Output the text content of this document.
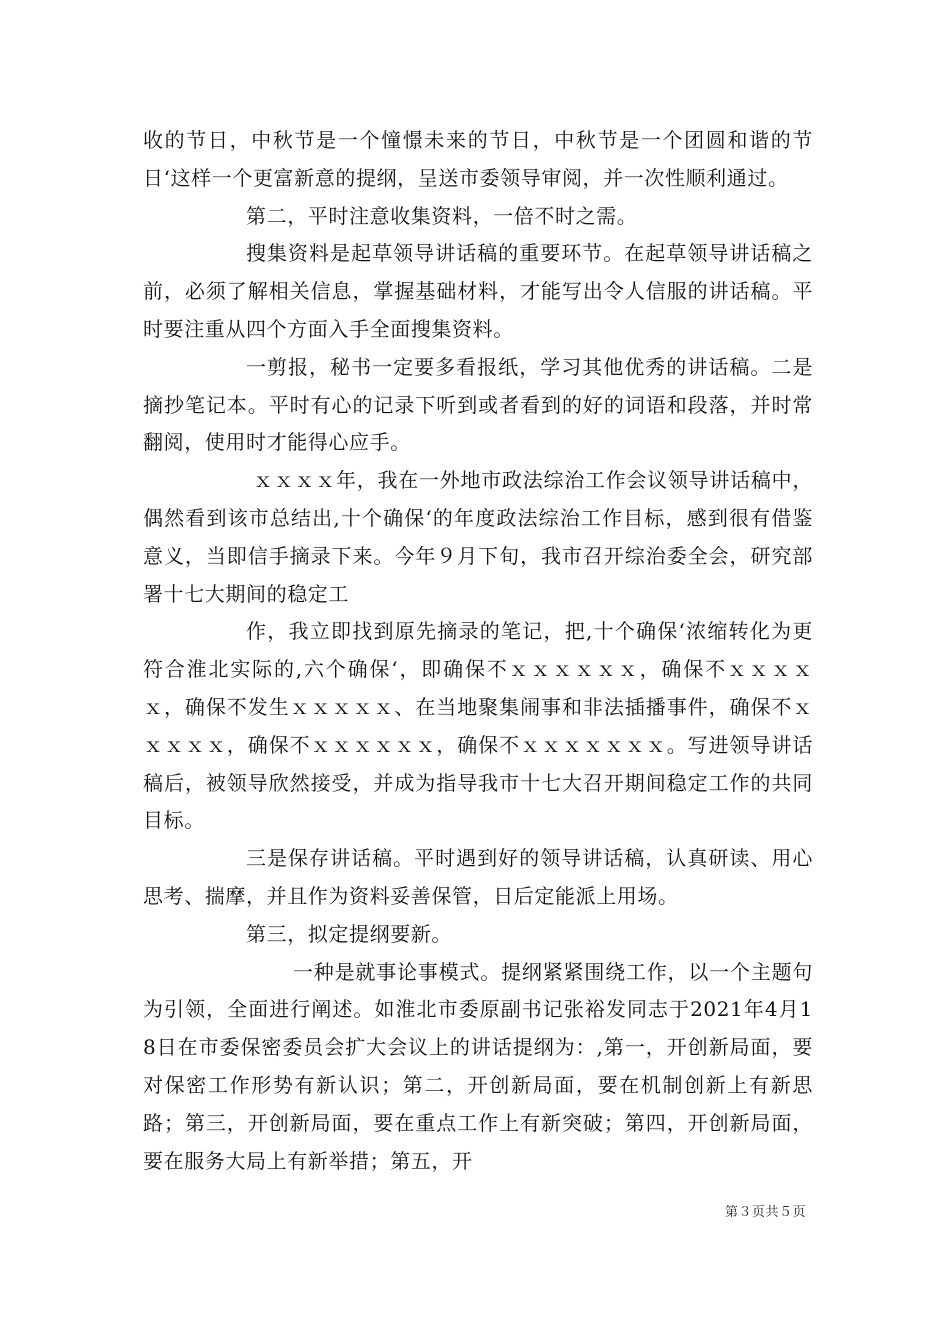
收的节日，中秋节是一个憧憬未来的节日，中秋节是一个团圆和谐的节日‘这样一个更富新意的提纲，呈送市委领导审阅，并一次性顺利通过。

第二，平时注意收集资料，一倍不时之需。

搜集资料是起草领导讲话稿的重要环节。在起草领导讲话稿之前，必须了解相关信息，掌握基础材料，才能写出令人信服的讲话稿。平时要注重从四个方面入手全面搜集资料。

一剪报，秘书一定要多看报纸，学习其他优秀的讲话稿。二是摘抄笔记本。平时有心的记录下听到或者看到的好的词语和段落，并时常翻阅，使用时才能得心应手。

ｘｘｘｘ年，我在一外地市政法综治工作会议领导讲话稿中，偶然看到该市总结出,十个确保‘的年度政法综治工作目标，感到很有借鉴意义，当即信手摘录下来。今年９月下旬，我市召开综治委全会，研究部署十七大期间的稳定工

作，我立即找到原先摘录的笔记，把,十个确保‘浓缩转化为更符合淮北实际的,六个确保‘，即确保不ｘｘｘｘｘｘ，确保不ｘｘｘｘｘ，确保不发生ｘｘｘｘｘ、在当地聚集闹事和非法插播事件，确保不ｘｘｘｘｘ，确保不ｘｘｘｘｘｘ，确保不ｘｘｘｘｘｘｘ。写进领导讲话稿后，被领导欣然接受，并成为指导我市十七大召开期间稳定工作的共同目标。

三是保存讲话稿。平时遇到好的领导讲话稿，认真研读、用心思考、揣摩，并且作为资料妥善保管，日后定能派上用场。

第三，拟定提纲要新。

一种是就事论事模式。提纲紧紧围绕工作，以一个主题句为引领，全面进行阐述。如淮北市委原副书记张裕发同志于2021年4月18日在市委保密委员会扩大会议上的讲话提纲为：,第一，开创新局面，要对保密工作形势有新认识；第二，开创新局面，要在机制创新上有新思路；第三，开创新局面，要在重点工作上有新突破；第四，开创新局面，要在服务大局上有新举措；第五，开

第３页共５页
